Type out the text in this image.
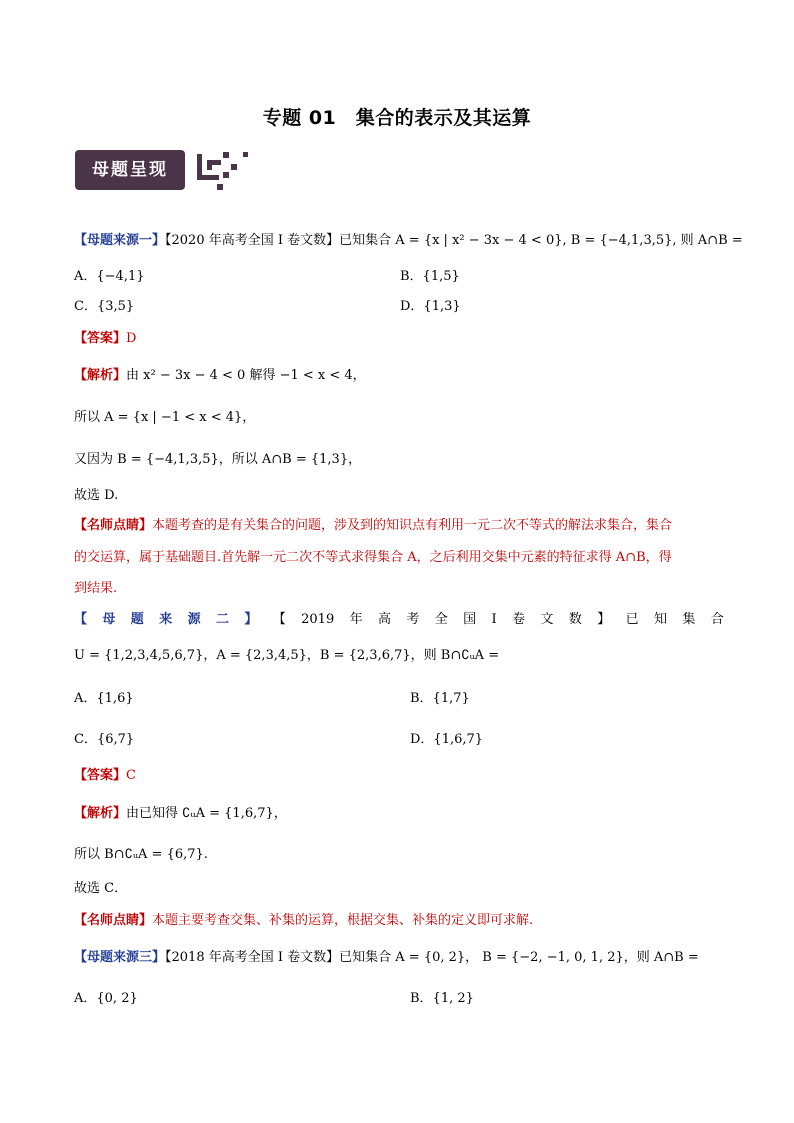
专题 01　集合的表示及其运算
母题呈现
【母题来源一】【2020 年高考全国 I 卷文数】已知集合 A = {x | x² − 3x − 4 < 0}, B = {−4,1,3,5}, 则 A∩B =
A．{−4,1}	B．{1,5}
C．{3,5}	D．{1,3}
【答案】D
【解析】由 x² − 3x − 4 < 0 解得 −1 < x < 4，
所以 A = {x | −1 < x < 4}，
又因为 B = {−4,1,3,5}，所以 A∩B = {1,3}，
故选 D.
【名师点睛】本题考查的是有关集合的问题，涉及到的知识点有利用一元二次不等式的解法求集合，集合
的交运算，属于基础题目.首先解一元二次不等式求得集合 A，之后利用交集中元素的特征求得 A∩B，得
到结果.
【 母 题 来 源 二 】 【 2019 年 高 考 全 国 I 卷 文 数 】 已 知 集 合
U = {1,2,3,4,5,6,7}，A = {2,3,4,5}，B = {2,3,6,7}，则 B∩∁ᵤA =
A．{1,6}	B．{1,7}
C．{6,7}	D．{1,6,7}
【答案】C
【解析】由已知得 ∁ᵤA = {1,6,7}，
所以 B∩∁ᵤA = {6,7}.
故选 C．
【名师点睛】本题主要考查交集、补集的运算，根据交集、补集的定义即可求解.
【母题来源三】【2018 年高考全国 I 卷文数】已知集合 A = {0, 2}， B = {−2, −1, 0, 1, 2}，则 A∩B =
A．{0, 2}	B．{1, 2}
